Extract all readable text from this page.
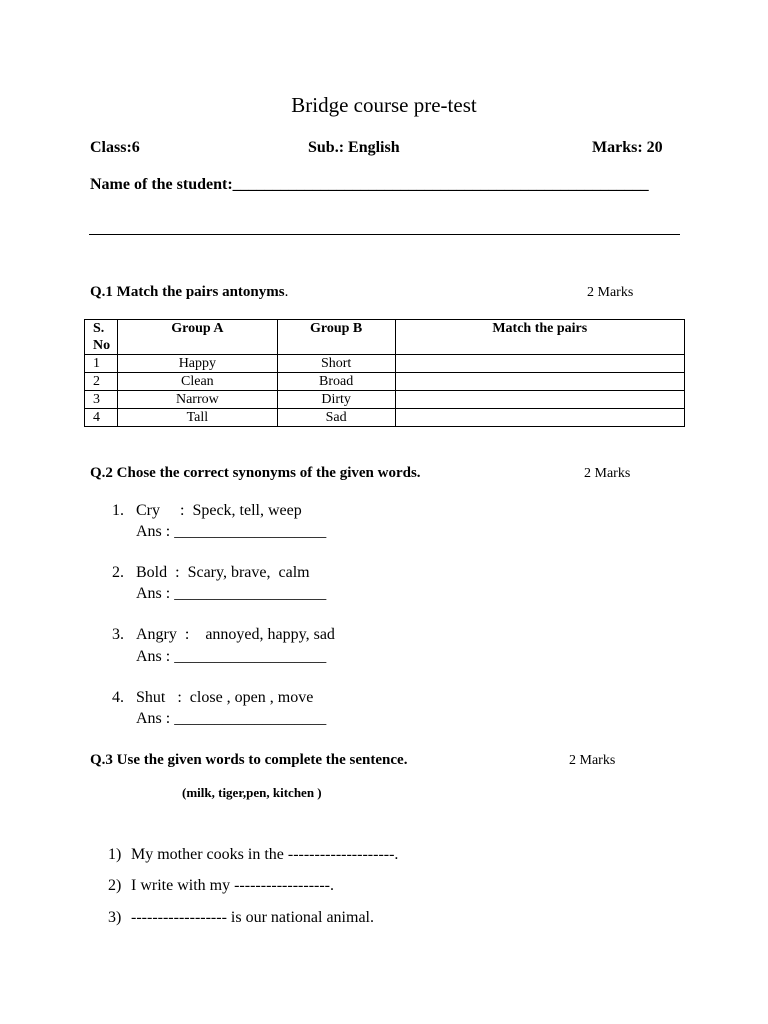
Bridge course pre-test
Class:6	Sub.: English	Marks: 20
Name of the student:____________________________________________________
Q.1 Match the pairs antonyms.	2 Marks
S.
No	Group A	Group B	Match the pairs
1	Happy	Short	
2	Clean	Broad	
3	Narrow	Dirty	
4	Tall	Sad	
Q.2 Chose the correct synonyms of the given words.	2 Marks
1. Cry     :  Speck, tell, weep
Ans : ___________________
2. Bold  :  Scary, brave,  calm
Ans : ___________________
3. Angry  :    annoyed, happy, sad
Ans : ___________________
4. Shut   :  close , open , move
Ans : ___________________
Q.3 Use the given words to complete the sentence.	2 Marks
(milk, tiger,pen, kitchen )
1) My mother cooks in the --------------------.
2) I write with my ------------------.
3) ------------------ is our national animal.
